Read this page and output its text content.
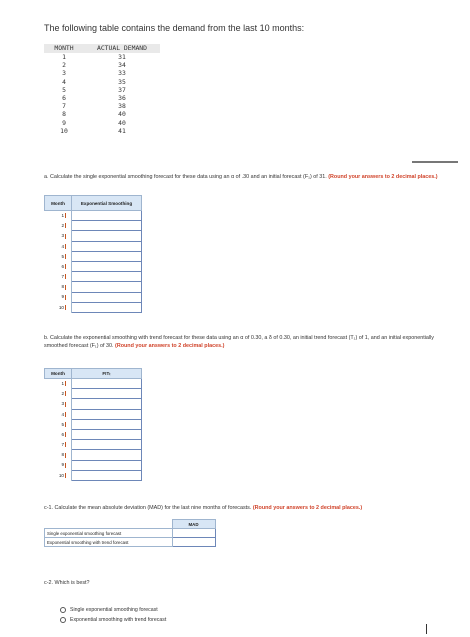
The following table contains the demand from the last 10 months:
MONTH	ACTUAL DEMAND
1	31
2	34
3	33
4	35
5	37
6	36
7	38
8	40
9	40
10	41
a. Calculate the single exponential smoothing forecast for these data using an α of .30 and an initial forecast (F₁) of 31. (Round your answers to 2 decimal places.)
Month	Exponential Smoothing
1	
2	
3	
4	
5	
6	
7	
8	
9	
10	
b. Calculate the exponential smoothing with trend forecast for these data using an α of 0.30, a δ of 0.30, an initial trend forecast (T₁) of 1, and an initial exponentially smoothed forecast (F₁) of 30. (Round your answers to 2 decimal places.)
Month	FITₜ
1	
2	
3	
4	
5	
6	
7	
8	
9	
10	
c-1. Calculate the mean absolute deviation (MAD) for the last nine months of forecasts. (Round your answers to 2 decimal places.)
	MAD
Single exponential smoothing forecast	
Exponential smoothing with trend forecast	
c-2. Which is best?
Single exponential smoothing forecast
Exponential smoothing with trend forecast
